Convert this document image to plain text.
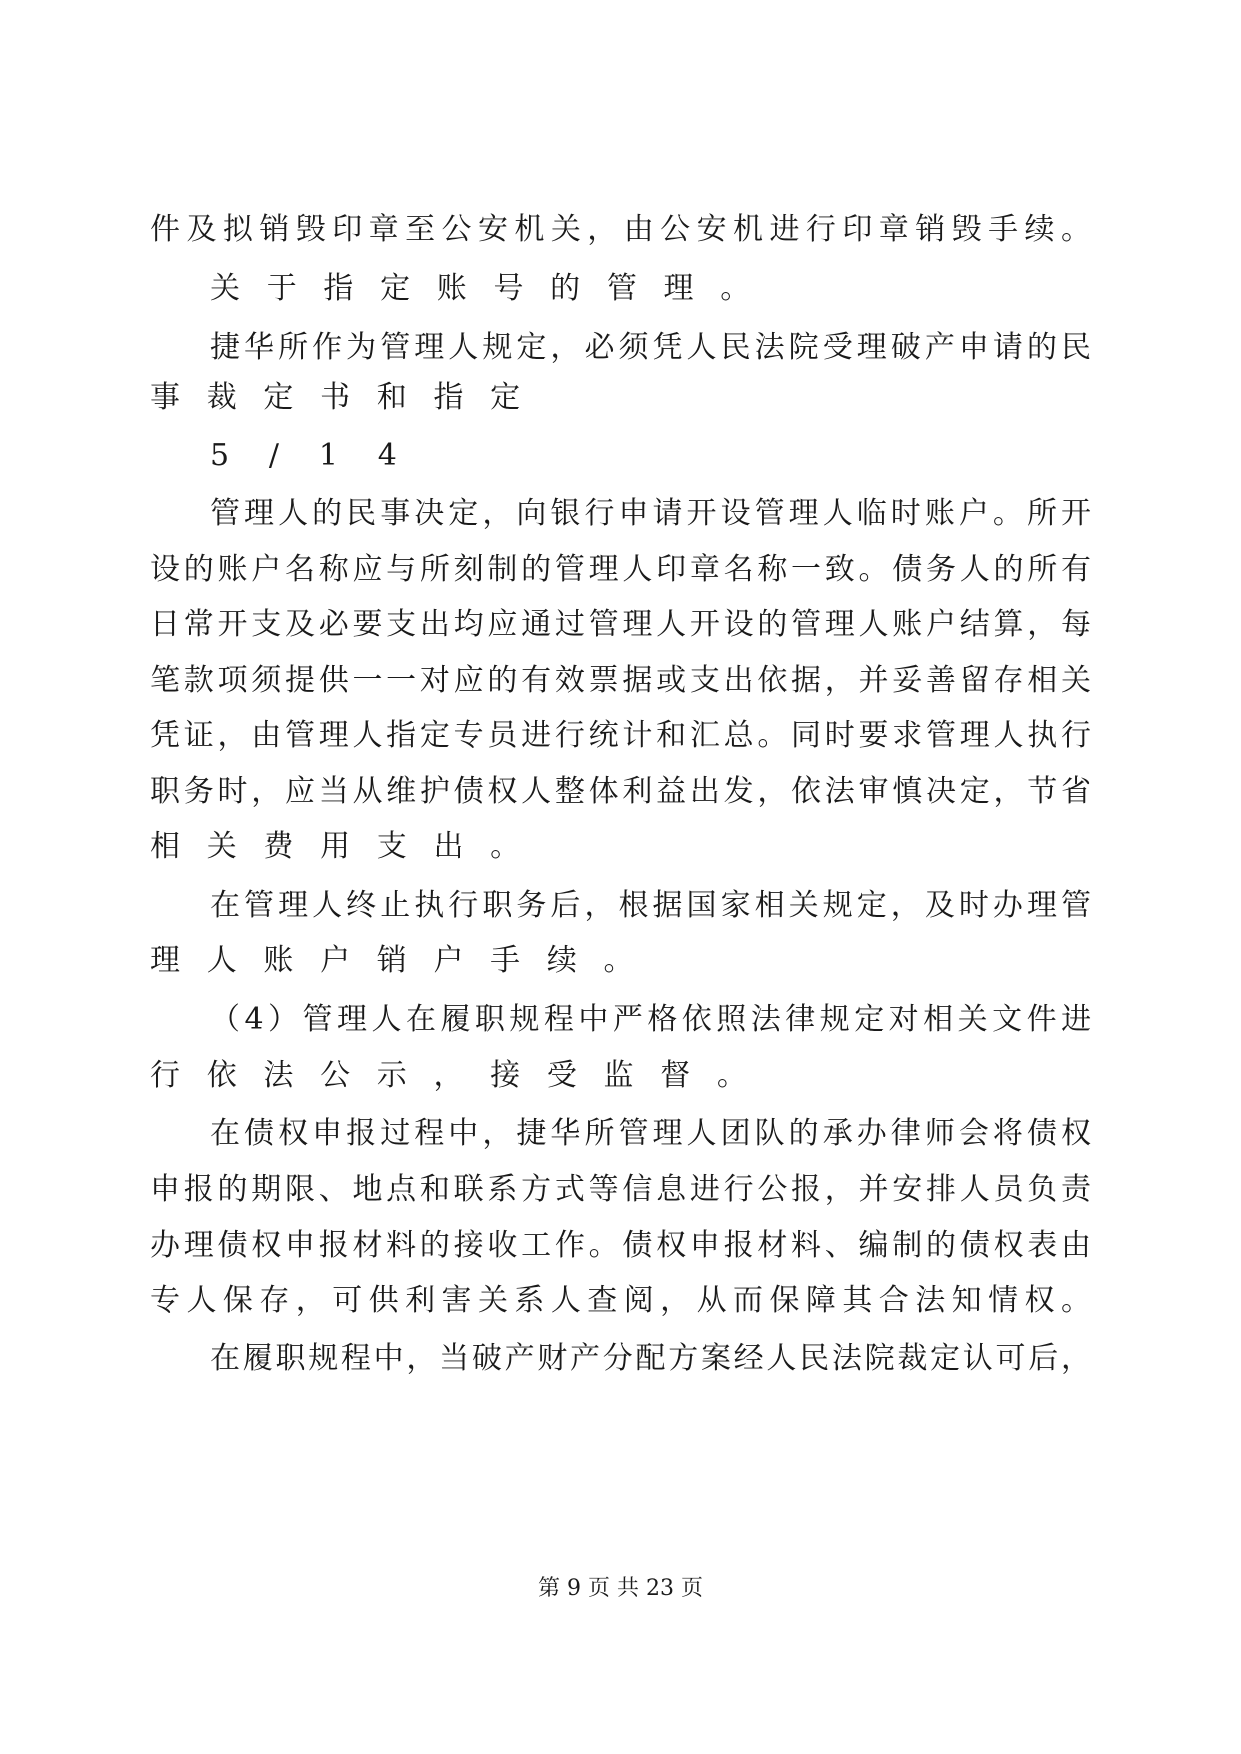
件及拟销毁印章至公安机关，由公安机进行印章销毁手续。
关于指定账号的管理。
捷华所作为管理人规定，必须凭人民法院受理破产申请的民
事裁定书和指定
5/14
管理人的民事决定，向银行申请开设管理人临时账户。所开
设的账户名称应与所刻制的管理人印章名称一致。债务人的所有
日常开支及必要支出均应通过管理人开设的管理人账户结算，每
笔款项须提供一一对应的有效票据或支出依据，并妥善留存相关
凭证，由管理人指定专员进行统计和汇总。同时要求管理人执行
职务时，应当从维护债权人整体利益出发，依法审慎决定，节省
相关费用支出。
在管理人终止执行职务后，根据国家相关规定，及时办理管
理人账户销户手续。
（4）管理人在履职规程中严格依照法律规定对相关文件进
行依法公示，接受监督。
在债权申报过程中，捷华所管理人团队的承办律师会将债权
申报的期限、地点和联系方式等信息进行公报，并安排人员负责
办理债权申报材料的接收工作。债权申报材料、编制的债权表由
专人保存，可供利害关系人查阅，从而保障其合法知情权。
在履职规程中，当破产财产分配方案经人民法院裁定认可后，
第 9 页 共 23 页
